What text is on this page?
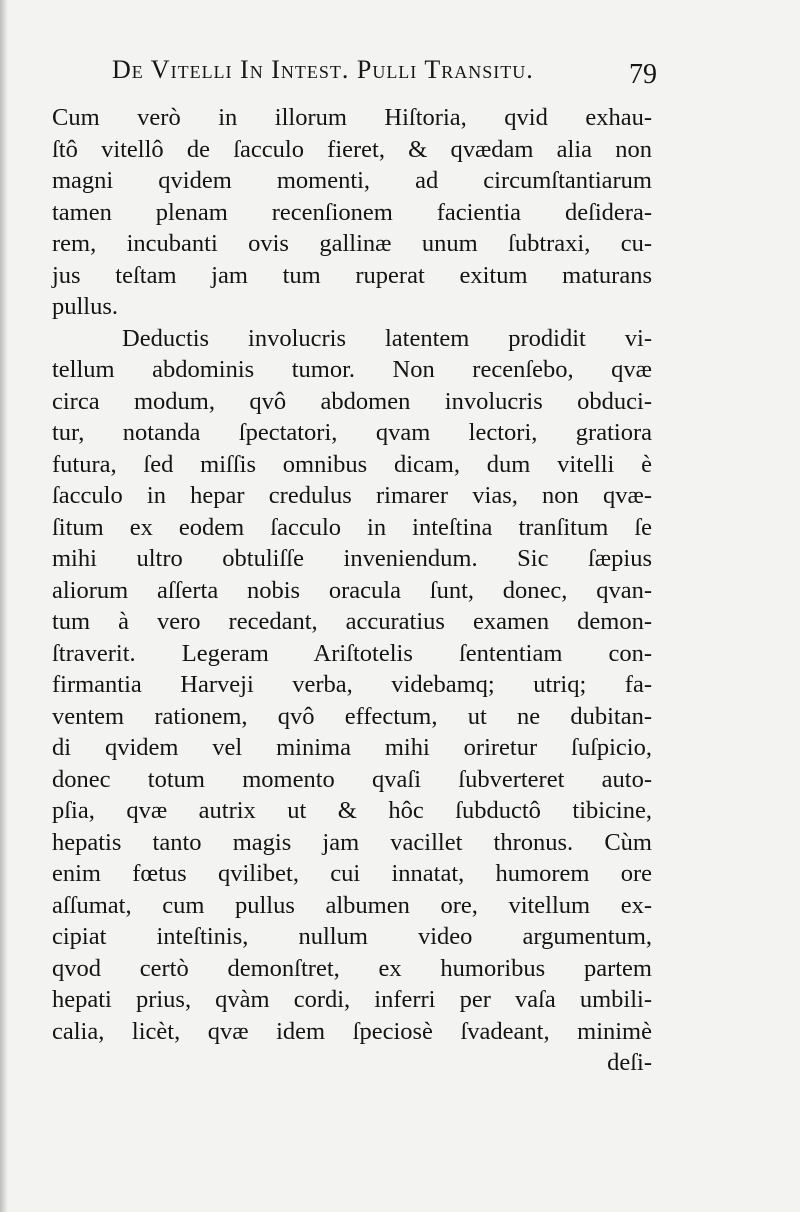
De Vitelli In Intest. Pulli Transitu.	79
Cum verò in illorum Hiſtoria, qvid exhau-
ſtô vitellô de ſacculo fieret, & qvædam alia non
magni qvidem momenti, ad circumſtantiarum
tamen plenam recenſionem facientia deſidera-
rem, incubanti ovis gallinæ unum ſubtraxi, cu-
jus teſtam jam tum ruperat exitum maturans
pullus.
Deductis involucris latentem prodidit vi-
tellum abdominis tumor. Non recenſebo, qvæ
circa modum, qvô abdomen involucris obduci-
tur, notanda ſpectatori, qvam lectori, gratiora
futura, ſed miſſis omnibus dicam, dum vitelli è
ſacculo in hepar credulus rimarer vias, non qvæ-
ſitum ex eodem ſacculo in inteſtina tranſitum ſe
mihi ultro obtuliſſe inveniendum. Sic ſæpius
aliorum aſſerta nobis oracula ſunt, donec, qvan-
tum à vero recedant, accuratius examen demon-
ſtraverit. Legeram Ariſtotelis ſententiam con-
firmantia Harveji verba, videbamq; utriq; fa-
ventem rationem, qvô effectum, ut ne dubitan-
di qvidem vel minima mihi oriretur ſuſpicio,
donec totum momento qvaſi ſubverteret auto-
pſia, qvæ autrix ut & hôc ſubductô tibicine,
hepatis tanto magis jam vacillet thronus. Cùm
enim fœtus qvilibet, cui innatat, humorem ore
aſſumat, cum pullus albumen ore, vitellum ex-
cipiat inteſtinis, nullum video argumentum,
qvod certò demonſtret, ex humoribus partem
hepati prius, qvàm cordi, inferri per vaſa umbili-
calia, licèt, qvæ idem ſpeciosè ſvadeant, minimè
deſi-
